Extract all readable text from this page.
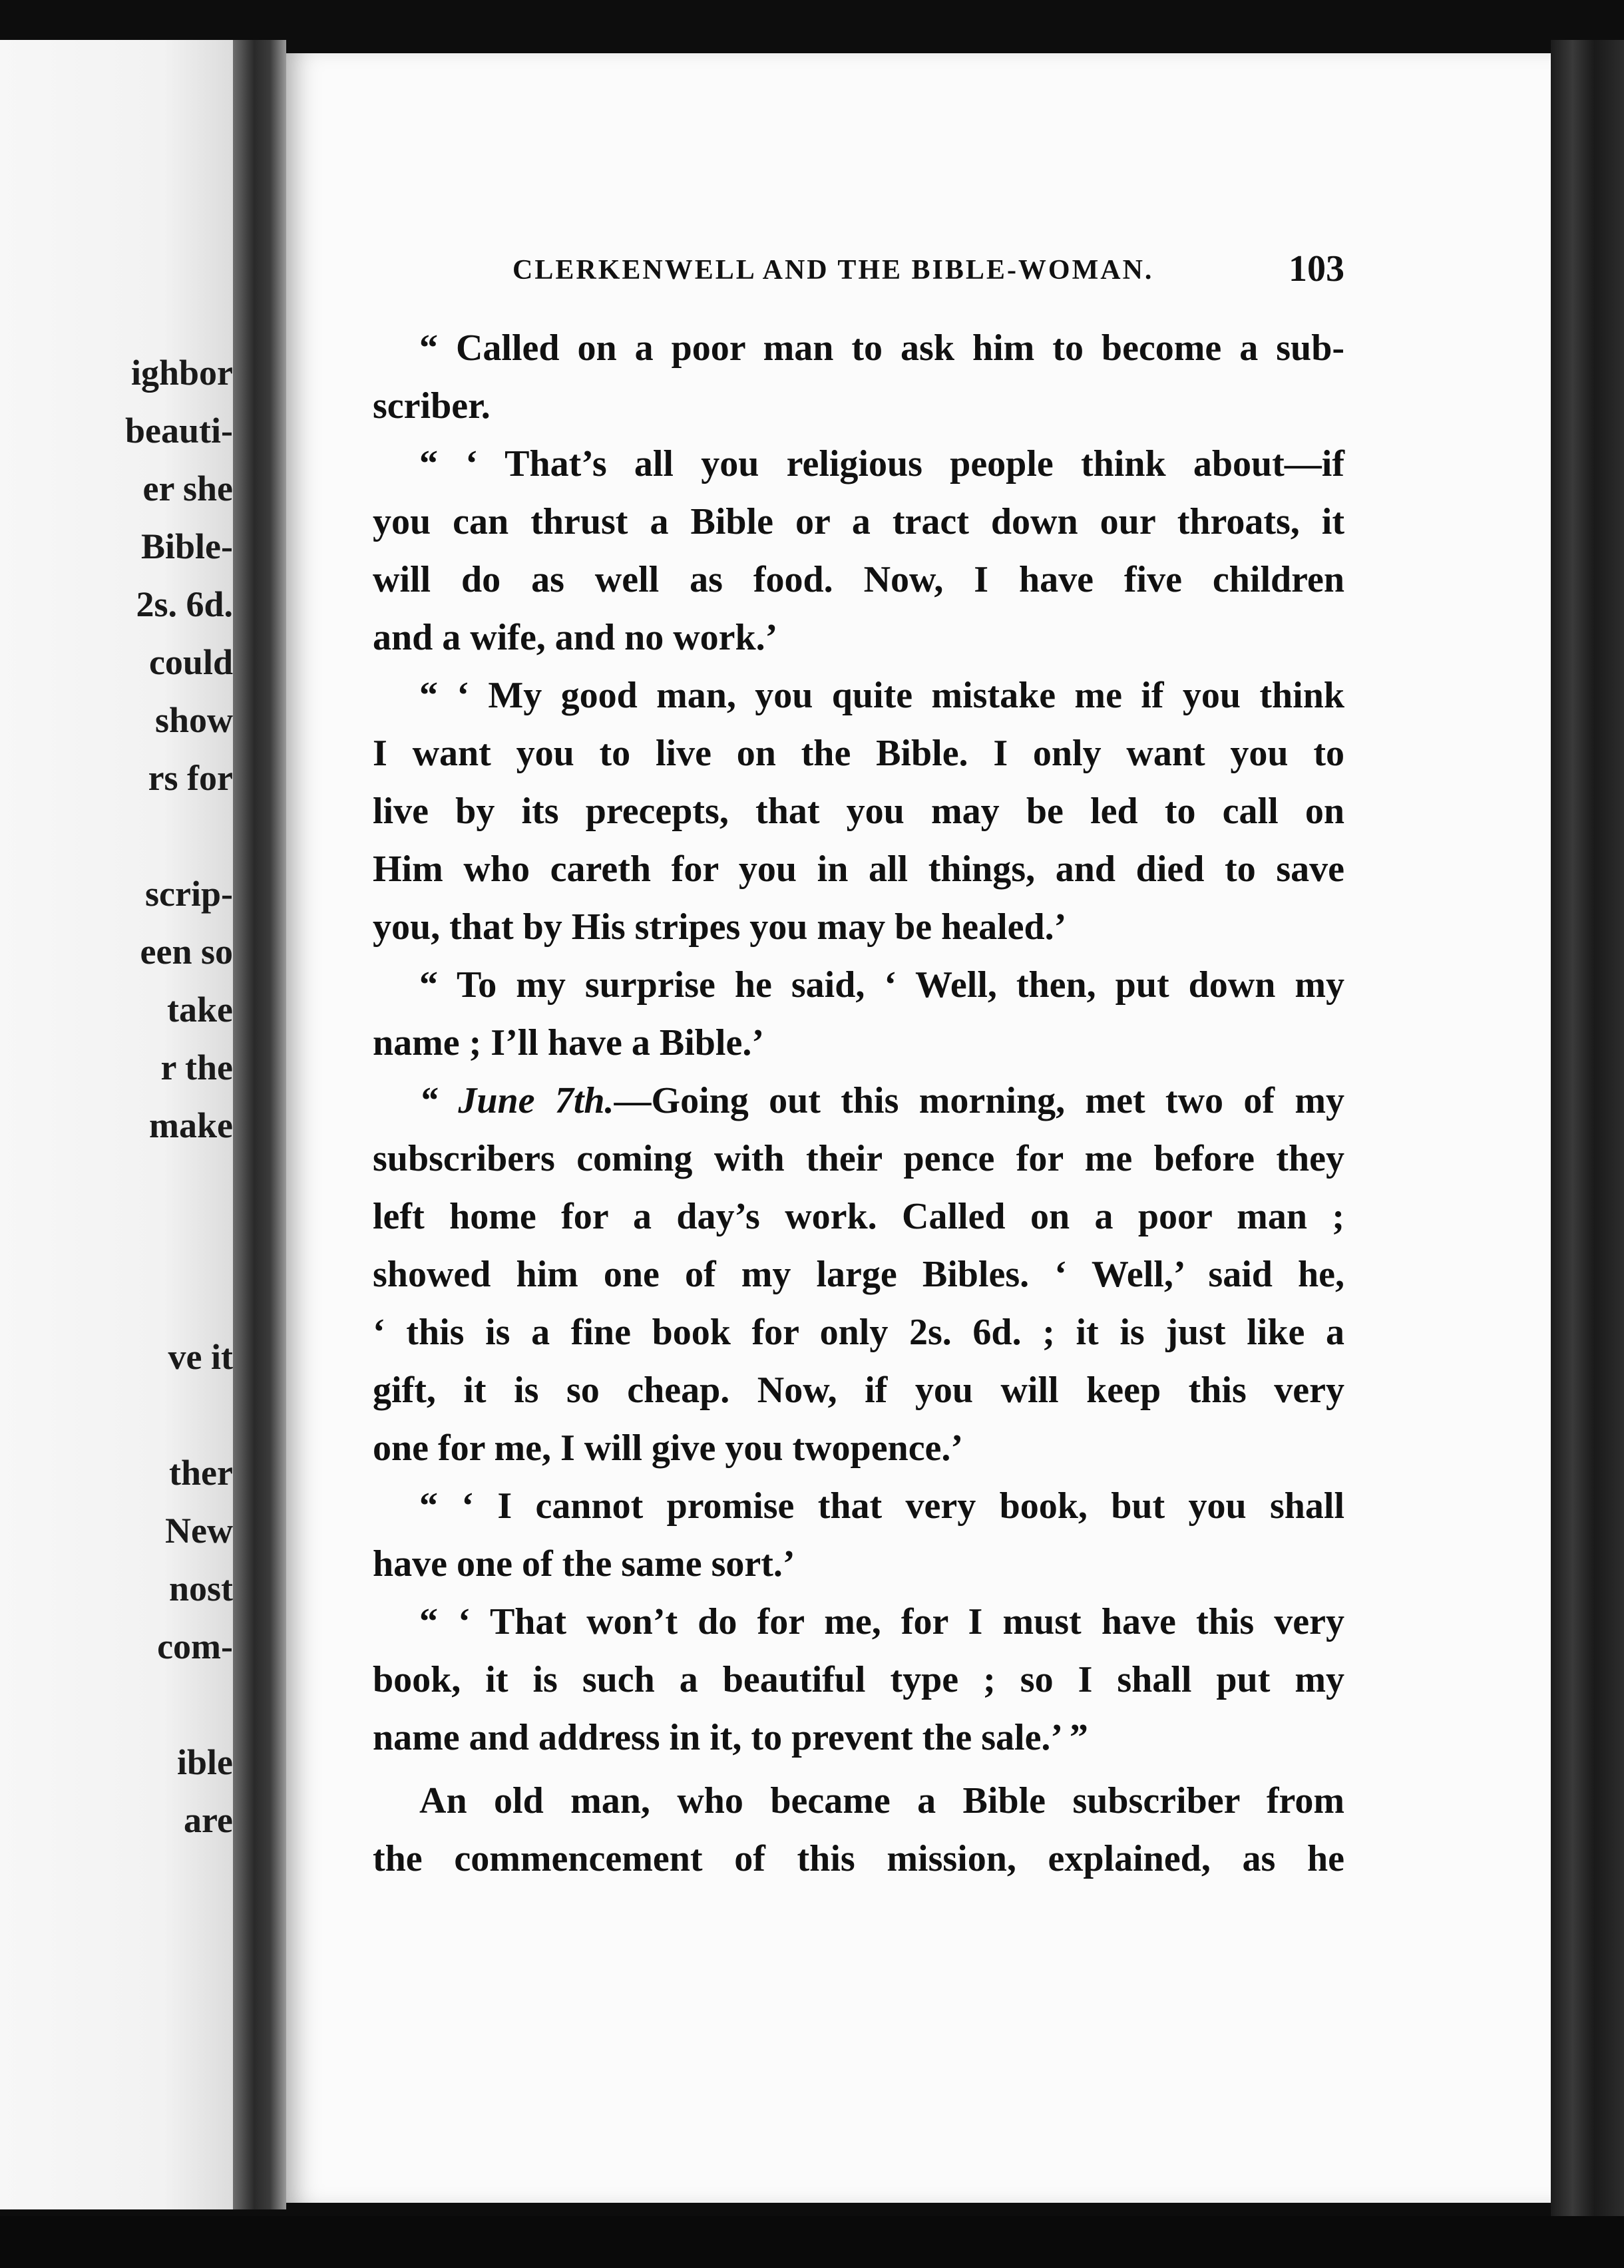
ighbor
beauti-
er she
Bible-
2s. 6d.
could
show
rs for
scrip-
een so
take
r the
make
ve it
ther
New
nost
com-
ible
are
CLERKENWELL AND THE BIBLE-WOMAN.	103
“ Called on a poor man to ask him to become a sub-
scriber.
“ ‘ That’s all you religious people think about—if
you can thrust a Bible or a tract down our throats, it
will do as well as food. Now, I have five children
and a wife, and no work.’
“ ‘ My good man, you quite mistake me if you think
I want you to live on the Bible. I only want you to
live by its precepts, that you may be led to call on
Him who careth for you in all things, and died to save
you, that by His stripes you may be healed.’
“ To my surprise he said, ‘ Well, then, put down my
name ; I’ll have a Bible.’
“ June 7th.—Going out this morning, met two of my
subscribers coming with their pence for me before they
left home for a day’s work. Called on a poor man ;
showed him one of my large Bibles. ‘ Well,’ said he,
‘ this is a fine book for only 2s. 6d. ; it is just like a
gift, it is so cheap. Now, if you will keep this very
one for me, I will give you twopence.’
“ ‘ I cannot promise that very book, but you shall
have one of the same sort.’
“ ‘ That won’t do for me, for I must have this very
book, it is such a beautiful type ; so I shall put my
name and address in it, to prevent the sale.’ ”
An old man, who became a Bible subscriber from
the commencement of this mission, explained, as he
